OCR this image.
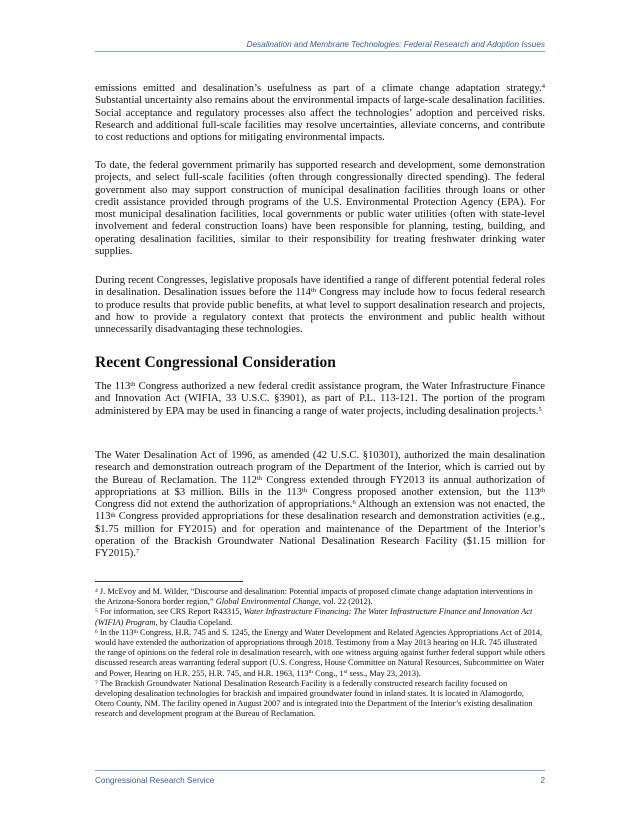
Desalination and Membrane Technologies: Federal Research and Adoption Issues

emissions emitted and desalination’s usefulness as part of a climate change adaptation strategy.$^4$ Substantial uncertainty also remains about the environmental impacts of large-scale desalination facilities. Social acceptance and regulatory processes also affect the technologies’ adoption and perceived risks. Research and additional full-scale facilities may resolve uncertainties, alleviate concerns, and contribute to cost reductions and options for mitigating environmental impacts.

To date, the federal government primarily has supported research and development, some demonstration projects, and select full-scale facilities (often through congressionally directed spending). The federal government also may support construction of municipal desalination facilities through loans or other credit assistance provided through programs of the U.S. Environmental Protection Agency (EPA). For most municipal desalination facilities, local governments or public water utilities (often with state-level involvement and federal construction loans) have been responsible for planning, testing, building, and operating desalination facilities, similar to their responsibility for treating freshwater drinking water supplies.

During recent Congresses, legislative proposals have identified a range of different potential federal roles in desalination. Desalination issues before the 114th Congress may include how to focus federal research to produce results that provide public benefits, at what level to support desalination research and projects, and how to provide a regulatory context that protects the environment and public health without unnecessarily disadvantaging these technologies.

Recent Congressional Consideration

The 113th Congress authorized a new federal credit assistance program, the Water Infrastructure Finance and Innovation Act (WIFIA, 33 U.S.C. §3901), as part of P.L. 113-121. The portion of the program administered by EPA may be used in financing a range of water projects, including desalination projects.$^5$

The Water Desalination Act of 1996, as amended (42 U.S.C. §10301), authorized the main desalination research and demonstration outreach program of the Department of the Interior, which is carried out by the Bureau of Reclamation. The 112th Congress extended through FY2013 its annual authorization of appropriations at $3 million. Bills in the 113th Congress proposed another extension, but the 113th Congress did not extend the authorization of appropriations.$^6$ Although an extension was not enacted, the 113th Congress provided appropriations for these desalination research and demonstration activities (e.g., $1.75 million for FY2015) and for operation and maintenance of the Department of the Interior’s operation of the Brackish Groundwater National Desalination Research Facility ($1.15 million for FY2015).$^7$

$^4$ J. McEvoy and M. Wilder, “Discourse and desalination: Potential impacts of proposed climate change adaptation interventions in the Arizona-Sonora border region,” Global Environmental Change, vol. 22 (2012).

$^5$ For information, see CRS Report R43315, Water Infrastructure Financing: The Water Infrastructure Finance and Innovation Act (WIFIA) Program, by Claudia Copeland.

$^6$ In the 113th Congress, H.R. 745 and S. 1245, the Energy and Water Development and Related Agencies Appropriations Act of 2014, would have extended the authorization of appropriations through 2018. Testimony from a May 2013 hearing on H.R. 745 illustrated the range of opinions on the federal role in desalination research, with one witness arguing against further federal support while others discussed research areas warranting federal support (U.S. Congress, House Committee on Natural Resources, Subcommittee on Water and Power, Hearing on H.R. 255, H.R. 745, and H.R. 1963, 113th Cong., 1st sess., May 23, 2013).

$^7$ The Brackish Groundwater National Desalination Research Facility is a federally constructed research facility focused on developing desalination technologies for brackish and impaired groundwater found in inland states. It is located in Alamogordo, Otero County, NM. The facility opened in August 2007 and is integrated into the Department of the Interior’s existing desalination research and development program at the Bureau of Reclamation.

Congressional Research Service	2
